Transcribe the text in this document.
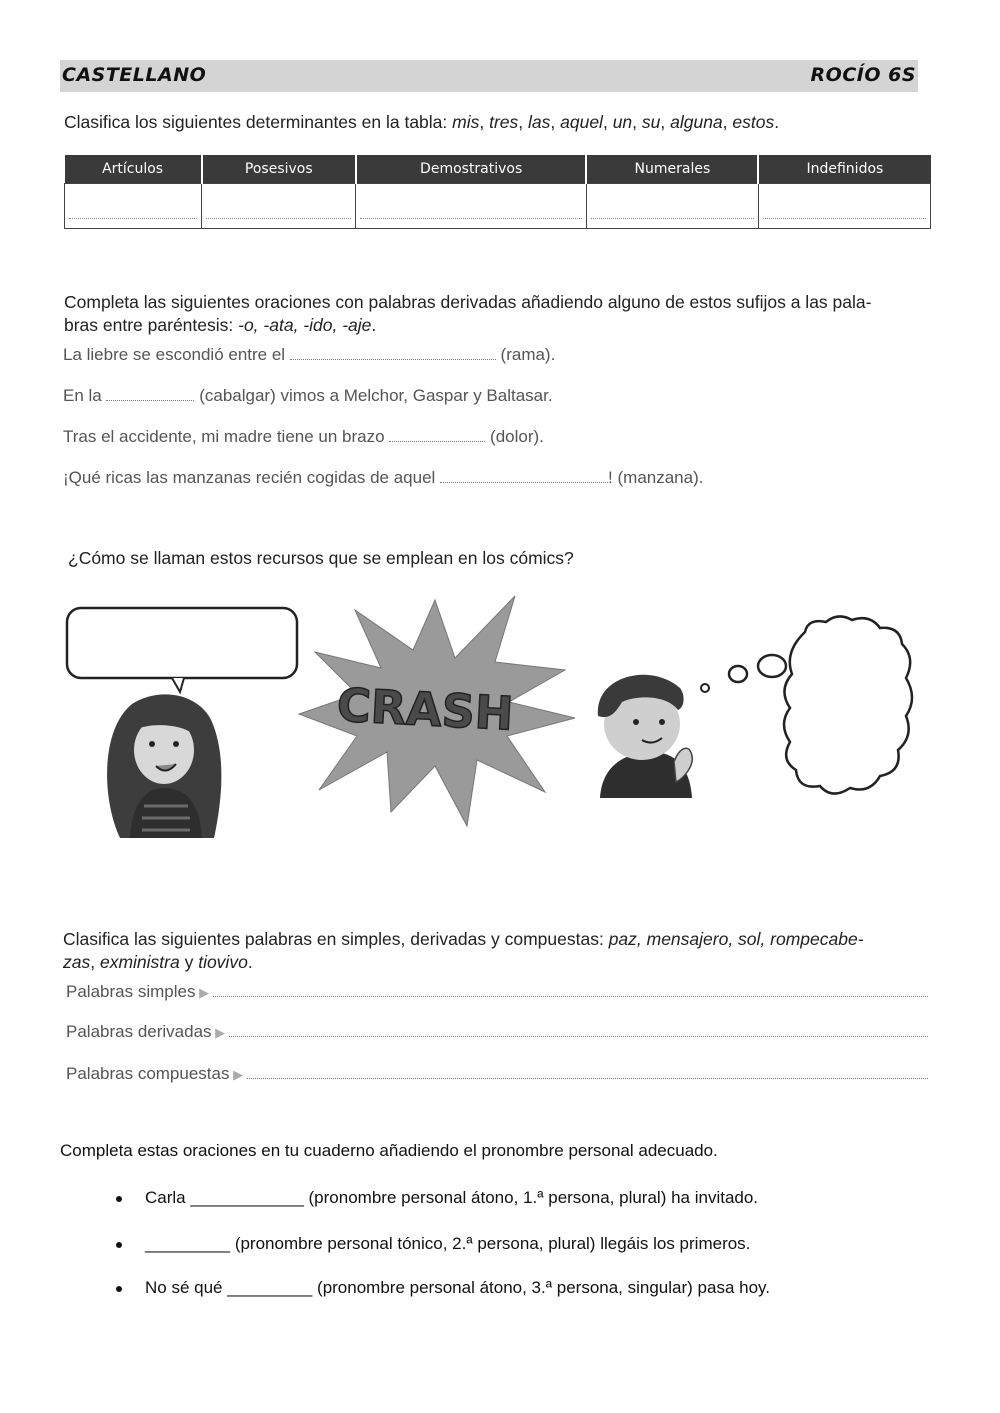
CASTELLANO	ROCÍO 6S
Clasifica los siguientes determinantes en la tabla: mis, tres, las, aquel, un, su, alguna, estos.
Artículos	Posesivos	Demostrativos	Numerales	Indefinidos

Completa las siguientes oraciones con palabras derivadas añadiendo alguno de estos sufijos a las pala-
bras entre paréntesis: -o, -ata, -ido, -aje.
La liebre se escondió entre el	(rama).
En la	(cabalgar) vimos a Melchor, Gaspar y Baltasar.
Tras el accidente, mi madre tiene un brazo	(dolor).
¡Qué ricas las manzanas recién cogidas de aquel	! (manzana).
¿Cómo se llaman estos recursos que se emplean en los cómics?
CRASH
Clasifica las siguientes palabras en simples, derivadas y compuestas: paz, mensajero, sol, rompecabe-
zas, exministra y tiovivo.
Palabras simples ▶
Palabras derivadas ▶
Palabras compuestas ▶
Completa estas oraciones en tu cuaderno añadiendo el pronombre personal adecuado.
Carla ____________ (pronombre personal átono, 1.ª persona, plural) ha invitado.
_________ (pronombre personal tónico, 2.ª persona, plural) llegáis los primeros.
No sé qué _________ (pronombre personal átono, 3.ª persona, singular) pasa hoy.
